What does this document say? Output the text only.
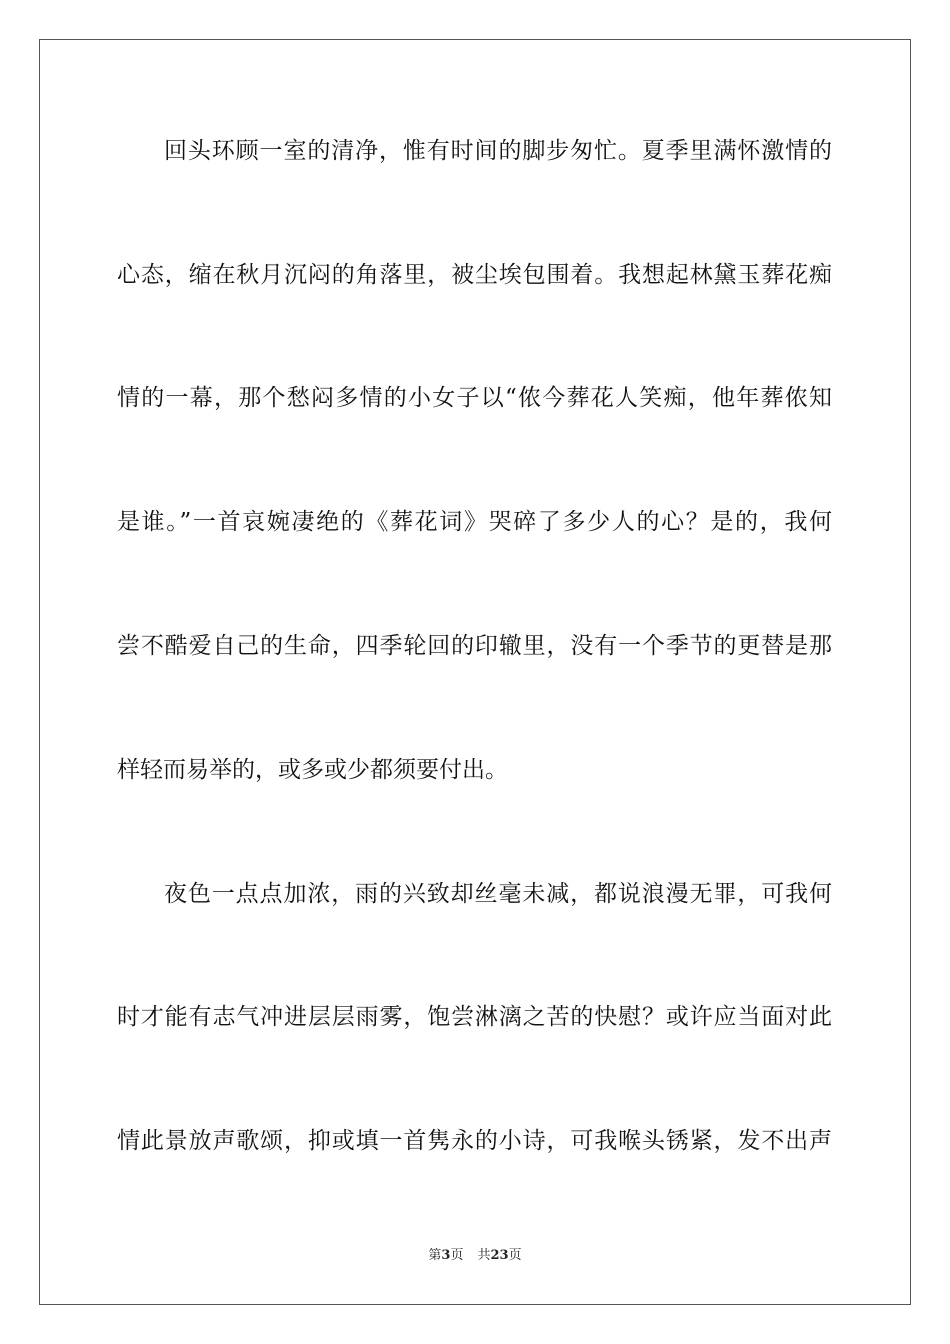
回头环顾一室的清净，惟有时间的脚步匆忙。夏季里满怀激情的
心态，缩在秋月沉闷的角落里，被尘埃包围着。我想起林黛玉葬花痴
情的一幕，那个愁闷多情的小女子以“侬今葬花人笑痴，他年葬侬知
是谁。”一首哀婉凄绝的《葬花词》哭碎了多少人的心？是的，我何
尝不酷爱自己的生命，四季轮回的印辙里，没有一个季节的更替是那
样轻而易举的，或多或少都须要付出。
夜色一点点加浓，雨的兴致却丝毫未减，都说浪漫无罪，可我何
时才能有志气冲进层层雨雾，饱尝淋漓之苦的快慰？或许应当面对此
情此景放声歌颂，抑或填一首隽永的小诗，可我喉头锈紧，发不出声
第3页 共23页
